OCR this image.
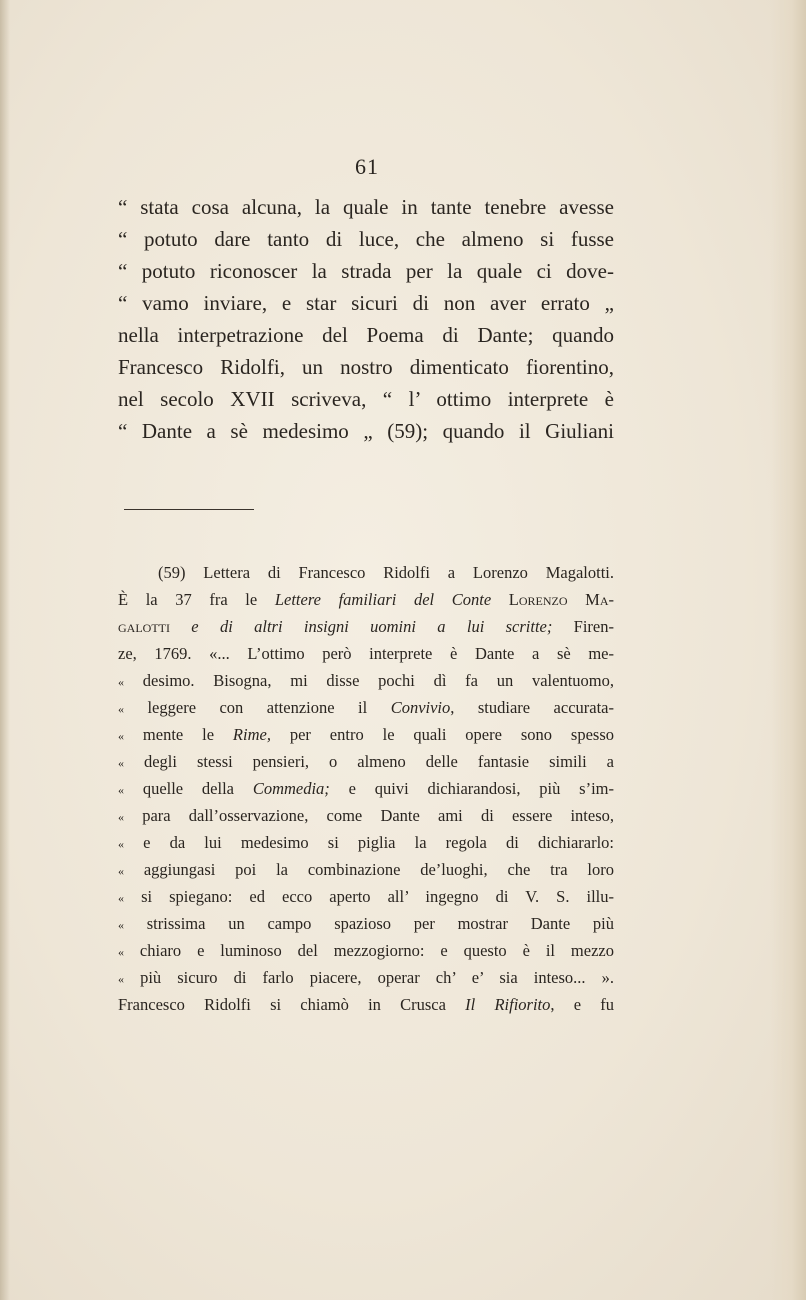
61
“ stata cosa alcuna, la quale in tante tenebre avesse
“ potuto dare tanto di luce, che almeno si fusse
“ potuto riconoscer la strada per la quale ci dove-
“ vamo inviare, e star sicuri di non aver errato „
nella interpetrazione del Poema di Dante; quando
Francesco Ridolfi, un nostro dimenticato fiorentino,
nel secolo XVII scriveva, “ l’ ottimo interprete è
“ Dante a sè medesimo „ (59); quando il Giuliani
(59) Lettera di Francesco Ridolfi a Lorenzo Magalotti.
È la 37 fra le Lettere familiari del Conte Lorenzo Ma-
galotti e di altri insigni uomini a lui scritte; Firen-
ze, 1769. «... L’ottimo però interprete è Dante a sè me-
« desimo. Bisogna, mi disse pochi dì fa un valentuomo,
« leggere con attenzione il Convivio, studiare accurata-
« mente le Rime, per entro le quali opere sono spesso
« degli stessi pensieri, o almeno delle fantasie simili a
« quelle della Commedia; e quivi dichiarandosi, più s’im-
« para dall’osservazione, come Dante ami di essere inteso,
« e da lui medesimo si piglia la regola di dichiararlo:
« aggiungasi poi la combinazione de’luoghi, che tra loro
« si spiegano: ed ecco aperto all’ ingegno di V. S. illu-
« strissima un campo spazioso per mostrar Dante più
« chiaro e luminoso del mezzogiorno: e questo è il mezzo
« più sicuro di farlo piacere, operar ch’ e’ sia inteso... ».
Francesco Ridolfi si chiamò in Crusca Il Rifiorito, e fu
